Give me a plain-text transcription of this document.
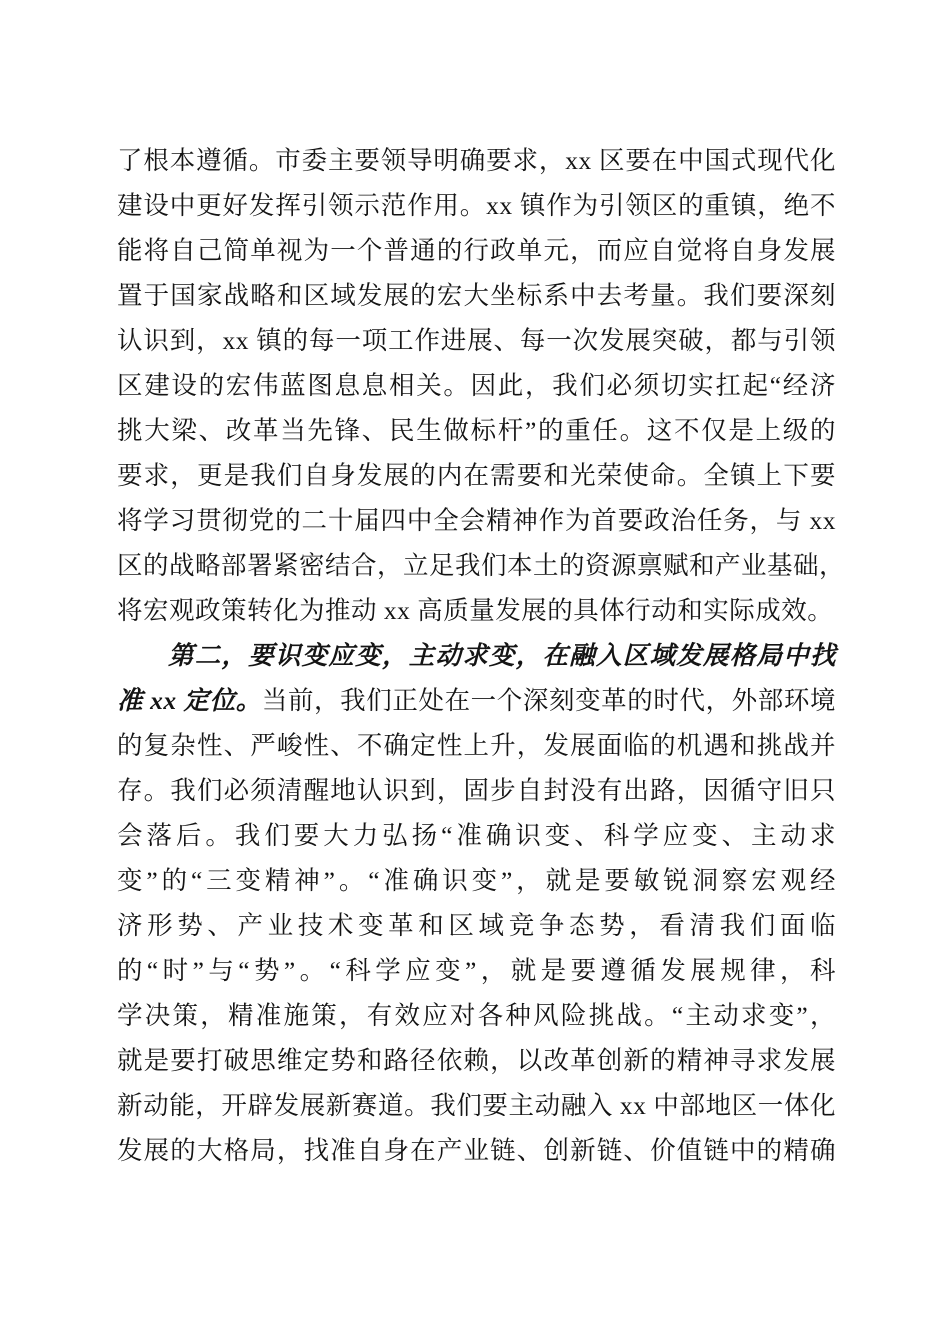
了根本遵循。市委主要领导明确要求，xx 区要在中国式现代化
建设中更好发挥引领示范作用。xx 镇作为引领区的重镇，绝不
能将自己简单视为一个普通的行政单元，而应自觉将自身发展
置于国家战略和区域发展的宏大坐标系中去考量。我们要深刻
认识到，xx 镇的每一项工作进展、每一次发展突破，都与引领
区建设的宏伟蓝图息息相关。因此，我们必须切实扛起“经济
挑大梁、改革当先锋、民生做标杆”的重任。这不仅是上级的
要求，更是我们自身发展的内在需要和光荣使命。全镇上下要
将学习贯彻党的二十届四中全会精神作为首要政治任务，与 xx
区的战略部署紧密结合，立足我们本土的资源禀赋和产业基础，
将宏观政策转化为推动 xx 高质量发展的具体行动和实际成效。
第二，要识变应变，主动求变，在融入区域发展格局中找
准 xx 定位。当前，我们正处在一个深刻变革的时代，外部环境
的复杂性、严峻性、不确定性上升，发展面临的机遇和挑战并
存。我们必须清醒地认识到，固步自封没有出路，因循守旧只
会落后。我们要大力弘扬“准确识变、科学应变、主动求
变”的“三变精神”。“准确识变”，就是要敏锐洞察宏观经
济形势、产业技术变革和区域竞争态势，看清我们面临
的“时”与“势”。“科学应变”，就是要遵循发展规律，科
学决策，精准施策，有效应对各种风险挑战。“主动求变”，
就是要打破思维定势和路径依赖，以改革创新的精神寻求发展
新动能，开辟发展新赛道。我们要主动融入 xx 中部地区一体化
发展的大格局，找准自身在产业链、创新链、价值链中的精确
